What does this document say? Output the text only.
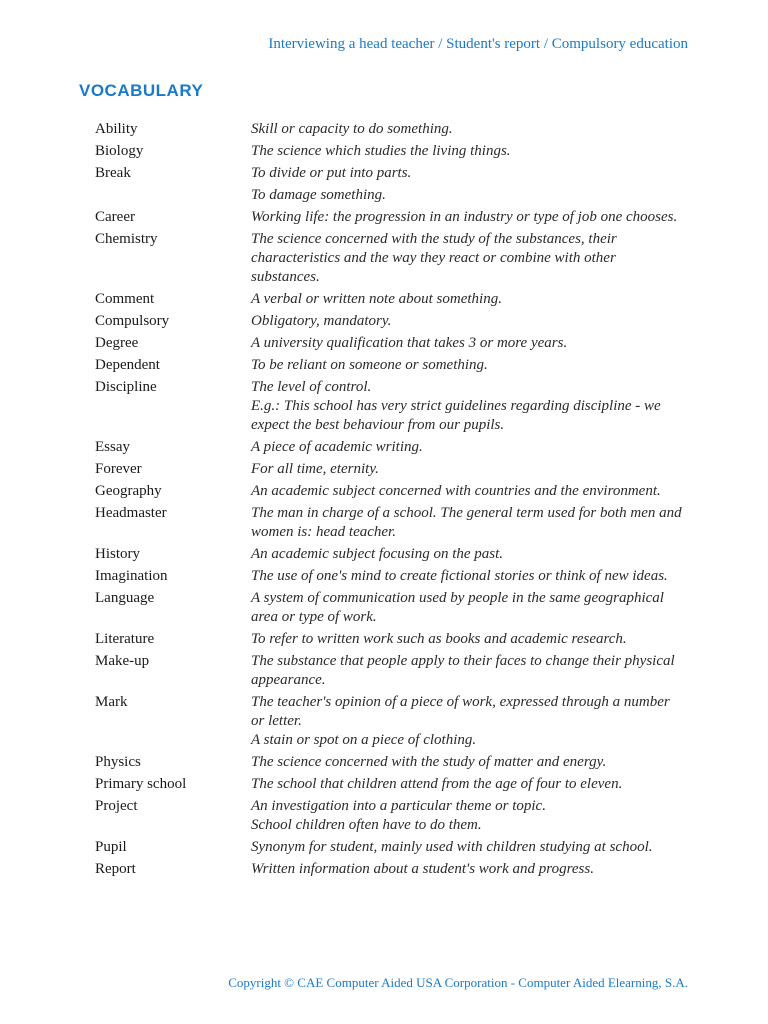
Interviewing a head teacher / Student's report / Compulsory education
VOCABULARY
Ability	Skill or capacity to do something.
Biology	The science which studies the living things.
Break	To divide or put into parts.
To damage something.
Career	Working life: the progression in an industry or type of job one chooses.
Chemistry	The science concerned with the study of the substances, their characteristics and the way they react or combine with other substances.
Comment	A verbal or written note about something.
Compulsory	Obligatory, mandatory.
Degree	A university qualification that takes 3 or more years.
Dependent	To be reliant on someone or something.
Discipline	The level of control.
E.g.: This school has very strict guidelines regarding discipline - we expect the best behaviour from our pupils.
Essay	A piece of academic writing.
Forever	For all time, eternity.
Geography	An academic subject concerned with countries and the environment.
Headmaster	The man in charge of a school. The general term used for both men and women is: head teacher.
History	An academic subject focusing on the past.
Imagination	The use of one's mind to create fictional stories or think of new ideas.
Language	A system of communication used by people in the same geographical area or type of work.
Literature	To refer to written work such as books and academic research.
Make-up	The substance that people apply to their faces to change their physical appearance.
Mark	The teacher's opinion of a piece of work, expressed through a number or letter.
A stain or spot on a piece of clothing.
Physics	The science concerned with the study of matter and energy.
Primary school	The school that children attend from the age of four to eleven.
Project	An investigation into a particular theme or topic.
School children often have to do them.
Pupil	Synonym for student, mainly used with children studying at school.
Report	Written information about a student's work and progress.
Copyright © CAE Computer Aided USA Corporation - Computer Aided Elearning, S.A.
